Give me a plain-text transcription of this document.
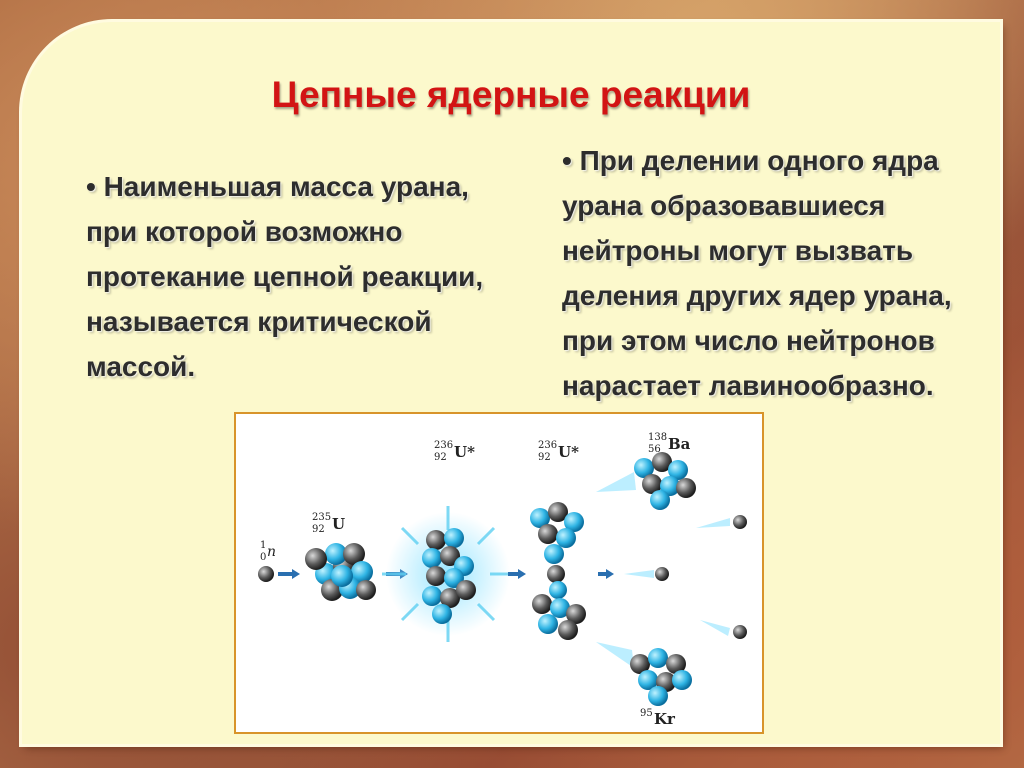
Цепные ядерные реакции
• Наименьшая масса урана,
при которой возможно
протекание цепной реакции,
называется критической
массой.
• При делении одного ядра
урана образовавшиеся
нейтроны могут вызвать
деления других ядер урана,
при этом число нейтронов
нарастает лавинообразно.
1
0 n
235
92 U
236
92 U*	236
92 U*
138
56 Ba
95 Kr
